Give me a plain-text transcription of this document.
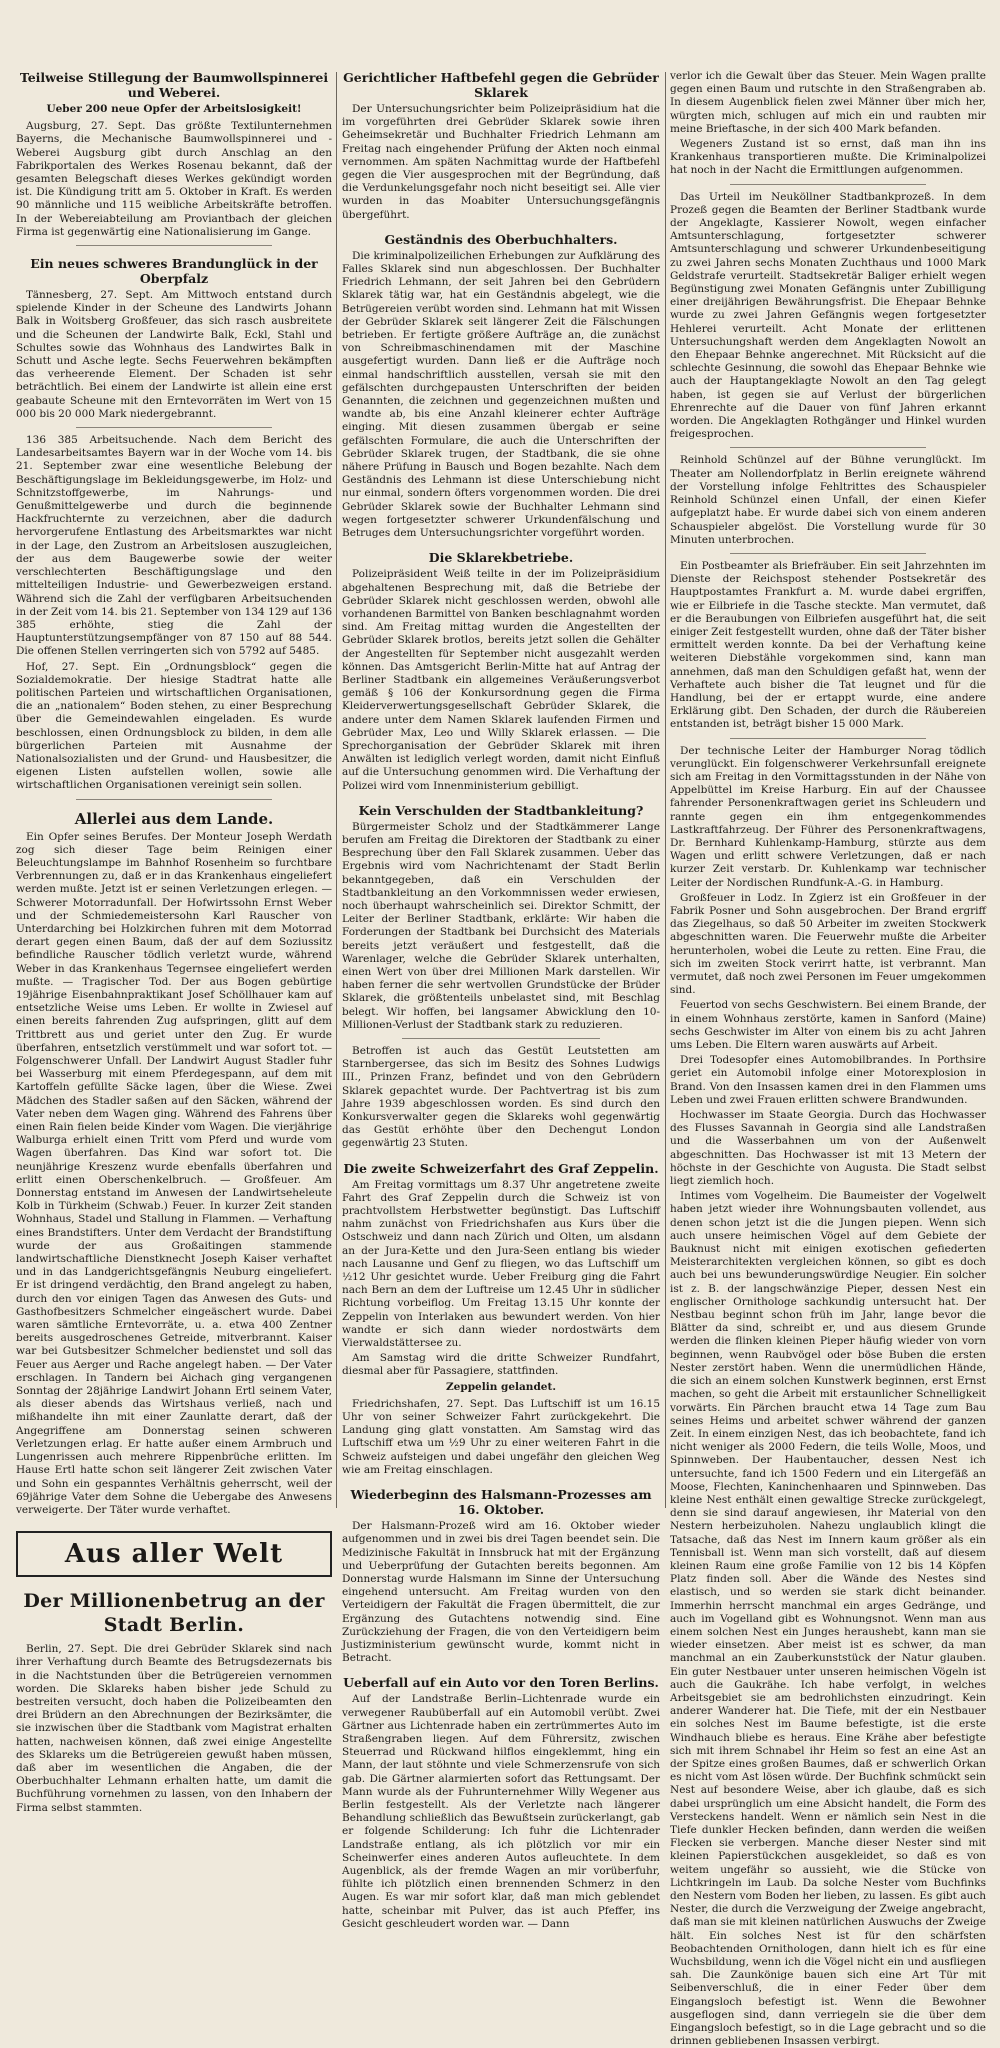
Teilweise Stillegung der Baumwollspinnerei und Weberei.
Ueber 200 neue Opfer der Arbeitslosigkeit!

Augsburg, 27. Sept. Das größte Textilunternehmen Bayerns, die Mechanische Baumwollspinnerei und -Weberei Augsburg gibt durch Anschlag an den Fabrikportalen des Werkes Rosenau bekannt, daß der gesamten Belegschaft dieses Werkes gekündigt worden ist. Die Kündigung tritt am 5. Oktober in Kraft. Es werden 90 männliche und 115 weibliche Arbeitskräfte betroffen. In der Webereiabteilung am Proviantbach der gleichen Firma ist gegenwärtig eine Nationalisierung im Gange.

Ein neues schweres Brandunglück in der Oberpfalz

Tännesberg, 27. Sept. Am Mittwoch entstand durch spielende Kinder in der Scheune des Landwirts Johann Balk in Woitsberg Großfeuer, das sich rasch ausbreitete und die Scheunen der Landwirte Balk, Eckl, Stahl und Schultes sowie das Wohnhaus des Landwirtes Balk in Schutt und Asche legte. Sechs Feuerwehren bekämpften das verheerende Element. Der Schaden ist sehr beträchtlich. Bei einem der Landwirte ist allein eine erst geabaute Scheune mit den Erntevorräten im Wert von 15 000 bis 20 000 Mark niedergebrannt.

136 385 Arbeitsuchende. Nach dem Bericht des Landesarbeitsamtes Bayern war in der Woche vom 14. bis 21. September zwar eine wesentliche Belebung der Beschäftigungslage im Bekleidungsgewerbe, im Holz- und Schnitzstoffgewerbe, im Nahrungs- und Genußmittelgewerbe und durch die beginnende Hackfruchternte zu verzeichnen, aber die dadurch hervorgerufene Entlastung des Arbeitsmarktes war nicht in der Lage, den Zustrom an Arbeitslosen auszugleichen, der aus dem Baugewerbe sowie der weiter verschlechterten Beschäftigungslage und den mittelteiligen Industrie- und Gewerbezweigen erstand. Während sich die Zahl der verfügbaren Arbeitsuchenden in der Zeit vom 14. bis 21. September von 134 129 auf 136 385 erhöhte, stieg die Zahl der Hauptunterstützungsempfänger von 87 150 auf 88 544. Die offenen Stellen verringerten sich von 5792 auf 5485.

Hof, 27. Sept. Ein „Ordnungsblock“ gegen die Sozialdemokratie. Der hiesige Stadtrat hatte alle politischen Parteien und wirtschaftlichen Organisationen, die an „nationalem“ Boden stehen, zu einer Besprechung über die Gemeindewahlen eingeladen. Es wurde beschlossen, einen Ordnungsblock zu bilden, in dem alle bürgerlichen Parteien mit Ausnahme der Nationalsozialisten und der Grund- und Hausbesitzer, die eigenen Listen aufstellen wollen, sowie alle wirtschaftlichen Organisationen vereinigt sein sollen.

Allerlei aus dem Lande.

Ein Opfer seines Berufes. Der Monteur Joseph Werdath zog sich dieser Tage beim Reinigen einer Beleuchtungslampe im Bahnhof Rosenheim so furchtbare Verbrennungen zu, daß er in das Krankenhaus eingeliefert werden mußte. Jetzt ist er seinen Verletzungen erlegen. — Schwerer Motorradunfall. Der Hofwirtssohn Ernst Weber und der Schmiedemeistersohn Karl Rauscher von Unterdarching bei Holzkirchen fuhren mit dem Motorrad derart gegen einen Baum, daß der auf dem Soziussitz befindliche Rauscher tödlich verletzt wurde, während Weber in das Krankenhaus Tegernsee eingeliefert werden mußte. — Tragischer Tod. Der aus Bogen gebürtige 19jährige Eisenbahnpraktikant Josef Schöllhauer kam auf entsetzliche Weise ums Leben. Er wollte in Zwiesel auf einen bereits fahrenden Zug aufspringen, glitt auf dem Trittbrett aus und geriet unter den Zug. Er wurde überfahren, entsetzlich verstümmelt und war sofort tot. — Folgenschwerer Unfall. Der Landwirt August Stadler fuhr bei Wasserburg mit einem Pferdegespann, auf dem mit Kartoffeln gefüllte Säcke lagen, über die Wiese. Zwei Mädchen des Stadler saßen auf den Säcken, während der Vater neben dem Wagen ging. Während des Fahrens über einen Rain fielen beide Kinder vom Wagen. Die vierjährige Walburga erhielt einen Tritt vom Pferd und wurde vom Wagen überfahren. Das Kind war sofort tot. Die neunjährige Kreszenz wurde ebenfalls überfahren und erlitt einen Oberschenkelbruch. — Großfeuer. Am Donnerstag entstand im Anwesen der Landwirtseheleute Kolb in Türkheim (Schwab.) Feuer. In kurzer Zeit standen Wohnhaus, Stadel und Stallung in Flammen. — Verhaftung eines Brandstifters. Unter dem Verdacht der Brandstiftung wurde der aus Großaitingen stammende landwirtschaftliche Dienstknecht Joseph Kaiser verhaftet und in das Landgerichtsgefängnis Neuburg eingeliefert. Er ist dringend verdächtig, den Brand angelegt zu haben, durch den vor einigen Tagen das Anwesen des Guts- und Gasthofbesitzers Schmelcher eingeäschert wurde. Dabei waren sämtliche Erntevorräte, u. a. etwa 400 Zentner bereits ausgedroschenes Getreide, mitverbrannt. Kaiser war bei Gutsbesitzer Schmelcher bedienstet und soll das Feuer aus Aerger und Rache angelegt haben. — Der Vater erschlagen. In Tandern bei Aichach ging vergangenen Sonntag der 28jährige Landwirt Johann Ertl seinem Vater, als dieser abends das Wirtshaus verließ, nach und mißhandelte ihn mit einer Zaunlatte derart, daß der Angegriffene am Donnerstag seinen schweren Verletzungen erlag. Er hatte außer einem Armbruch und Lungenrissen auch mehrere Rippenbrüche erlitten. Im Hause Ertl hatte schon seit längerer Zeit zwischen Vater und Sohn ein gespanntes Verhältnis geherrscht, weil der 69jährige Vater dem Sohne die Uebergabe des Anwesens verweigerte. Der Täter wurde verhaftet.

Aus aller Welt
Der Millionenbetrug an der Stadt Berlin.

Berlin, 27. Sept. Die drei Gebrüder Sklarek sind nach ihrer Verhaftung durch Beamte des Betrugsdezernats bis in die Nachtstunden über die Betrügereien vernommen worden. Die Sklareks haben bisher jede Schuld zu bestreiten versucht, doch haben die Polizeibeamten den drei Brüdern an den Abrechnungen der Bezirksämter, die sie inzwischen über die Stadtbank vom Magistrat erhalten hatten, nachweisen können, daß zwei einige Angestellte des Sklareks um die Betrügereien gewußt haben müssen, daß aber im wesentlichen die Angaben, die der Oberbuchhalter Lehmann erhalten hatte, um damit die Buchführung vornehmen zu lassen, von den Inhabern der Firma selbst stammten.

Gerichtlicher Haftbefehl gegen die Gebrüder Sklarek

Der Untersuchungsrichter beim Polizeipräsidium hat die im vorgeführten drei Gebrüder Sklarek sowie ihren Geheimsekretär und Buchhalter Friedrich Lehmann am Freitag nach eingehender Prüfung der Akten noch einmal vernommen. Am späten Nachmittag wurde der Haftbefehl gegen die Vier ausgesprochen mit der Begründung, daß die Verdunkelungsgefahr noch nicht beseitigt sei. Alle vier wurden in das Moabiter Untersuchungsgefängnis übergeführt.

Geständnis des Oberbuchhalters.

Die kriminalpolizeilichen Erhebungen zur Aufklärung des Falles Sklarek sind nun abgeschlossen. Der Buchhalter Friedrich Lehmann, der seit Jahren bei den Gebrüdern Sklarek tätig war, hat ein Geständnis abgelegt, wie die Betrügereien verübt worden sind. Lehmann hat mit Wissen der Gebrüder Sklarek seit längerer Zeit die Fälschungen betrieben. Er fertigte größere Aufträge an, die zunächst von Schreibmaschinendamen mit der Maschine ausgefertigt wurden. Dann ließ er die Aufträge noch einmal handschriftlich ausstellen, versah sie mit den gefälschten durchgepausten Unterschriften der beiden Genannten, die zeichnen und gegenzeichnen mußten und wandte ab, bis eine Anzahl kleinerer echter Aufträge einging. Mit diesen zusammen übergab er seine gefälschten Formulare, die auch die Unterschriften der Gebrüder Sklarek trugen, der Stadtbank, die sie ohne nähere Prüfung in Bausch und Bogen bezahlte. Nach dem Geständnis des Lehmann ist diese Unterschiebung nicht nur einmal, sondern öfters vorgenommen worden. Die drei Gebrüder Sklarek sowie der Buchhalter Lehmann sind wegen fortgesetzter schwerer Urkundenfälschung und Betruges dem Untersuchungsrichter vorgeführt worden.

Die Sklarekbetriebe.

Polizeipräsident Weiß teilte in der im Polizeipräsidium abgehaltenen Besprechung mit, daß die Betriebe der Gebrüder Sklarek nicht geschlossen werden, obwohl alle vorhandenen Barmittel von Banken beschlagnahmt worden sind. Am Freitag mittag wurden die Angestellten der Gebrüder Sklarek brotlos, bereits jetzt sollen die Gehälter der Angestellten für September nicht ausgezahlt werden können. Das Amtsgericht Berlin-Mitte hat auf Antrag der Berliner Stadtbank ein allgemeines Veräußerungsverbot gemäß § 106 der Konkursordnung gegen die Firma Kleiderverwertungsgesellschaft Gebrüder Sklarek, die andere unter dem Namen Sklarek laufenden Firmen und Gebrüder Max, Leo und Willy Sklarek erlassen. — Die Sprechorganisation der Gebrüder Sklarek mit ihren Anwälten ist lediglich verlegt worden, damit nicht Einfluß auf die Untersuchung genommen wird. Die Verhaftung der Polizei wird vom Innenministerium gebilligt.

Kein Verschulden der Stadtbankleitung?

Bürgermeister Scholz und der Stadtkämmerer Lange berufen am Freitag die Direktoren der Stadtbank zu einer Besprechung über den Fall Sklarek zusammen. Ueber das Ergebnis wird vom Nachrichtenamt der Stadt Berlin bekanntgegeben, daß ein Verschulden der Stadtbankleitung an den Vorkommnissen weder erwiesen, noch überhaupt wahrscheinlich sei. Direktor Schmitt, der Leiter der Berliner Stadtbank, erklärte: Wir haben die Forderungen der Stadtbank bei Durchsicht des Materials bereits jetzt veräußert und festgestellt, daß die Warenlager, welche die Gebrüder Sklarek unterhalten, einen Wert von über drei Millionen Mark darstellen. Wir haben ferner die sehr wertvollen Grundstücke der Brüder Sklarek, die größtenteils unbelastet sind, mit Beschlag belegt. Wir hoffen, bei langsamer Abwicklung den 10-Millionen-Verlust der Stadtbank stark zu reduzieren.

Betroffen ist auch das Gestüt Leutstetten am Starnbergersee, das sich im Besitz des Sohnes Ludwigs III., Prinzen Franz, befindet und von den Gebrüdern Sklarek gepachtet wurde. Der Pachtvertrag ist bis zum Jahre 1939 abgeschlossen worden. Es sind durch den Konkursverwalter gegen die Sklareks wohl gegenwärtig das Gestüt erhöhte über den Dechengut London gegenwärtig 23 Stuten.

Die zweite Schweizerfahrt des Graf Zeppelin.

Am Freitag vormittags um 8.37 Uhr angetretene zweite Fahrt des Graf Zeppelin durch die Schweiz ist von prachtvollstem Herbstwetter begünstigt. Das Luftschiff nahm zunächst von Friedrichshafen aus Kurs über die Ostschweiz und dann nach Zürich und Olten, um alsdann an der Jura-Kette und den Jura-Seen entlang bis wieder nach Lausanne und Genf zu fliegen, wo das Luftschiff um ½12 Uhr gesichtet wurde. Ueber Freiburg ging die Fahrt nach Bern an dem der Luftreise um 12.45 Uhr in südlicher Richtung vorbeiflog. Um Freitag 13.15 Uhr konnte der Zeppelin von Interlaken aus bewundert werden. Von hier wandte er sich dann wieder nordostwärts dem Vierwaldstättersee zu.

Am Samstag wird die dritte Schweizer Rundfahrt, diesmal aber für Passagiere, stattfinden.

Zeppelin gelandet.

Friedrichshafen, 27. Sept. Das Luftschiff ist um 16.15 Uhr von seiner Schweizer Fahrt zurückgekehrt. Die Landung ging glatt vonstatten. Am Samstag wird das Luftschiff etwa um ½9 Uhr zu einer weiteren Fahrt in die Schweiz aufsteigen und dabei ungefähr den gleichen Weg wie am Freitag einschlagen.

Wiederbeginn des Halsmann-Prozesses am 16. Oktober.

Der Halsmann-Prozeß wird am 16. Oktober wieder aufgenommen und in zwei bis drei Tagen beendet sein. Die Medizinische Fakultät in Innsbruck hat mit der Ergänzung und Ueberprüfung der Gutachten bereits begonnen. Am Donnerstag wurde Halsmann im Sinne der Untersuchung eingehend untersucht. Am Freitag wurden von den Verteidigern der Fakultät die Fragen übermittelt, die zur Ergänzung des Gutachtens notwendig sind. Eine Zurückziehung der Fragen, die von den Verteidigern beim Justizministerium gewünscht wurde, kommt nicht in Betracht.

Ueberfall auf ein Auto vor den Toren Berlins.

Auf der Landstraße Berlin–Lichtenrade wurde ein verwegener Raubüberfall auf ein Automobil verübt. Zwei Gärtner aus Lichtenrade haben ein zertrümmertes Auto im Straßengraben liegen. Auf dem Führersitz, zwischen Steuerrad und Rückwand hilflos eingeklemmt, hing ein Mann, der laut stöhnte und viele Schmerzensrufe von sich gab. Die Gärtner alarmierten sofort das Rettungsamt. Der Mann wurde als der Fuhrunternehmer Willy Wegener aus Berlin festgestellt. Als der Verletzte nach längerer Behandlung schließlich das Bewußtsein zurückerlangt, gab er folgende Schilderung: Ich fuhr die Lichtenrader Landstraße entlang, als ich plötzlich vor mir ein Scheinwerfer eines anderen Autos aufleuchtete. In dem Augenblick, als der fremde Wagen an mir vorüberfuhr, fühlte ich plötzlich einen brennenden Schmerz in den Augen. Es war mir sofort klar, daß man mich geblendet hatte, scheinbar mit Pulver, das ist auch Pfeffer, ins Gesicht geschleudert worden war. — Dann

verlor ich die Gewalt über das Steuer. Mein Wagen prallte gegen einen Baum und rutschte in den Straßengraben ab. In diesem Augenblick fielen zwei Männer über mich her, würgten mich, schlugen auf mich ein und raubten mir meine Brieftasche, in der sich 400 Mark befanden.

Wegeners Zustand ist so ernst, daß man ihn ins Krankenhaus transportieren mußte. Die Kriminalpolizei hat noch in der Nacht die Ermittlungen aufgenommen.

Das Urteil im Neuköllner Stadtbankprozeß. In dem Prozeß gegen die Beamten der Berliner Stadtbank wurde der Angeklagte, Kassierer Nowolt, wegen einfacher Amtsunterschlagung, fortgesetzter schwerer Amtsunterschlagung und schwerer Urkundenbeseitigung zu zwei Jahren sechs Monaten Zuchthaus und 1000 Mark Geldstrafe verurteilt. Stadtsekretär Baliger erhielt wegen Begünstigung zwei Monaten Gefängnis unter Zubilligung einer dreijährigen Bewährungsfrist. Die Ehepaar Behnke wurde zu zwei Jahren Gefängnis wegen fortgesetzter Hehlerei verurteilt. Acht Monate der erlittenen Untersuchungshaft werden dem Angeklagten Nowolt an den Ehepaar Behnke angerechnet. Mit Rücksicht auf die schlechte Gesinnung, die sowohl das Ehepaar Behnke wie auch der Hauptangeklagte Nowolt an den Tag gelegt haben, ist gegen sie auf Verlust der bürgerlichen Ehrenrechte auf die Dauer von fünf Jahren erkannt worden. Die Angeklagten Rothgänger und Hinkel wurden freigesprochen.

Reinhold Schünzel auf der Bühne verunglückt. Im Theater am Nollendorfplatz in Berlin ereignete während der Vorstellung infolge Fehltrittes des Schauspieler Reinhold Schünzel einen Unfall, der einen Kiefer aufgeplatzt habe. Er wurde dabei sich von einem anderen Schauspieler abgelöst. Die Vorstellung wurde für 30 Minuten unterbrochen.

Ein Postbeamter als Briefräuber. Ein seit Jahrzehnten im Dienste der Reichspost stehender Postsekretär des Hauptpostamtes Frankfurt a. M. wurde dabei ergriffen, wie er Eilbriefe in die Tasche steckte. Man vermutet, daß er die Beraubungen von Eilbriefen ausgeführt hat, die seit einiger Zeit festgestellt wurden, ohne daß der Täter bisher ermittelt werden konnte. Da bei der Verhaftung keine weiteren Diebstähle vorgekommen sind, kann man annehmen, daß man den Schuldigen gefaßt hat, wenn der Verhaftete auch bisher die Tat leugnet und für die Handlung, bei der er ertappt wurde, eine andere Erklärung gibt. Den Schaden, der durch die Räubereien entstanden ist, beträgt bisher 15 000 Mark.

Der technische Leiter der Hamburger Norag tödlich verunglückt. Ein folgenschwerer Verkehrsunfall ereignete sich am Freitag in den Vormittagsstunden in der Nähe von Appelbüttel im Kreise Harburg. Ein auf der Chaussee fahrender Personenkraftwagen geriet ins Schleudern und rannte gegen ein ihm entgegenkommendes Lastkraftfahrzeug. Der Führer des Personenkraftwagens, Dr. Bernhard Kuhlenkamp-Hamburg, stürzte aus dem Wagen und erlitt schwere Verletzungen, daß er nach kurzer Zeit verstarb. Dr. Kuhlenkamp war technischer Leiter der Nordischen Rundfunk-A.-G. in Hamburg.

Großfeuer in Lodz. In Zgierz ist ein Großfeuer in der Fabrik Posner und Sohn ausgebrochen. Der Brand ergriff das Ziegelhaus, so daß 50 Arbeiter im zweiten Stockwerk abgeschnitten waren. Die Feuerwehr mußte die Arbeiter herunterholen, wobei die Leute zu retten. Eine Frau, die sich im zweiten Stock verirrt hatte, ist verbrannt. Man vermutet, daß noch zwei Personen im Feuer umgekommen sind.

Feuertod von sechs Geschwistern. Bei einem Brande, der in einem Wohnhaus zerstörte, kamen in Sanford (Maine) sechs Geschwister im Alter von einem bis zu acht Jahren ums Leben. Die Eltern waren auswärts auf Arbeit.

Drei Todesopfer eines Automobilbrandes. In Porthsire geriet ein Automobil infolge einer Motorexplosion in Brand. Von den Insassen kamen drei in den Flammen ums Leben und zwei Frauen erlitten schwere Brandwunden.

Hochwasser im Staate Georgia. Durch das Hochwasser des Flusses Savannah in Georgia sind alle Landstraßen und die Wasserbahnen um von der Außenwelt abgeschnitten. Das Hochwasser ist mit 13 Metern der höchste in der Geschichte von Augusta. Die Stadt selbst liegt ziemlich hoch.

Intimes vom Vogelheim. Die Baumeister der Vogelwelt haben jetzt wieder ihre Wohnungsbauten vollendet, aus denen schon jetzt ist die die Jungen piepen. Wenn sich auch unsere heimischen Vögel auf dem Gebiete der Bauknust nicht mit einigen exotischen gefiederten Meisterarchitekten vergleichen können, so gibt es doch auch bei uns bewunderungswürdige Neugier. Ein solcher ist z. B. der langschwänzige Pieper, dessen Nest ein englischer Ornithologe sachkundig untersucht hat. Der Nestbau beginnt schon früh im Jahr, lange bevor die Blätter da sind, schreibt er, und aus diesem Grunde werden die flinken kleinen Pieper häufig wieder von vorn beginnen, wenn Raubvögel oder böse Buben die ersten Nester zerstört haben. Wenn die unermüdlichen Hände, die sich an einem solchen Kunstwerk beginnen, erst Ernst machen, so geht die Arbeit mit erstaunlicher Schnelligkeit vorwärts. Ein Pärchen braucht etwa 14 Tage zum Bau seines Heims und arbeitet schwer während der ganzen Zeit. In einem einzigen Nest, das ich beobachtete, fand ich nicht weniger als 2000 Federn, die teils Wolle, Moos, und Spinnweben. Der Haubentaucher, dessen Nest ich untersuchte, fand ich 1500 Federn und ein Litergefäß an Moose, Flechten, Kaninchenhaaren und Spinnweben. Das kleine Nest enthält einen gewaltige Strecke zurückgelegt, denn sie sind darauf angewiesen, ihr Material von den Nestern herbeizuholen. Nahezu unglaublich klingt die Tatsache, daß das Nest im Innern kaum größer als ein Tennisball ist. Wenn man sich vorstellt, daß auf diesem kleinen Raum eine große Familie von 12 bis 14 Köpfen Platz finden soll. Aber die Wände des Nestes sind elastisch, und so werden sie stark dicht beinander. Immerhin herrscht manchmal ein arges Gedränge, und auch im Vogelland gibt es Wohnungsnot. Wenn man aus einem solchen Nest ein Junges heraushebt, kann man sie wieder einsetzen. Aber meist ist es schwer, da man manchmal an ein Zauberkunststück der Natur glauben. Ein guter Nestbauer unter unseren heimischen Vögeln ist auch die Gaukrähe. Ich habe verfolgt, in welches Arbeitsgebiet sie am bedrohlichsten einzudringt. Kein anderer Wanderer hat. Die Tiefe, mit der ein Nestbauer ein solches Nest im Baume befestigte, ist die erste Windhauch bliebe es heraus. Eine Krähe aber befestigte sich mit ihrem Schnabel ihr Heim so fest an eine Ast an der Spitze eines großen Baumes, daß er schwerlich Orkan es nicht vom Ast lösen würde. Der Buchfink schmückt sein Nest auf besondere Weise, aber ich glaube, daß es sich dabei ursprünglich um eine Absicht handelt, die Form des Versteckens handelt. Wenn er nämlich sein Nest in die Tiefe dunkler Hecken befinden, dann werden die weißen Flecken sie verbergen. Manche dieser Nester sind mit kleinen Papierstückchen ausgekleidet, so daß es von weitem ungefähr so aussieht, wie die Stücke von Lichtkringeln im Laub. Da solche Nester vom Buchfinks den Nestern vom Boden her lieben, zu lassen. Es gibt auch Nester, die durch die Verzweigung der Zweige angebracht, daß man sie mit kleinen natürlichen Auswuchs der Zweige hält. Ein solches Nest ist für den schärfsten Beobachtenden Ornithologen, dann hielt ich es für eine Wuchsbildung, wenn ich die Vögel nicht ein und ausfliegen sah. Die Zaunkönige bauen sich eine Art Tür mit Seibenverschluß, die in einer Feder über dem Eingangsloch befestigt ist. Wenn die Bewohner ausgeflogen sind, dann verriegeln sie die über dem Eingangsloch befestigt, so in die Lage gebracht und so die drinnen gebliebenen Insassen verbirgt.
